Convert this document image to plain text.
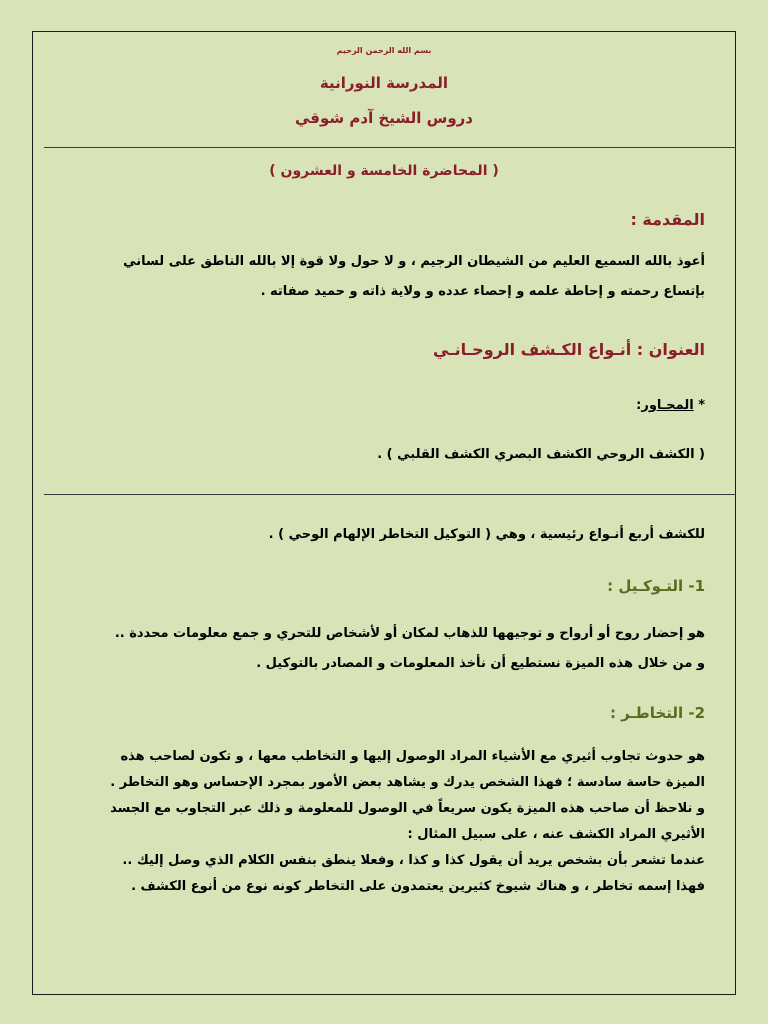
بسم الله الرحمن الرحيم
المدرسة النورانية
دروس الشيخ آدم شوقي
( المحاضرة الخامسة و العشرون )
المقدمة :
أعوذ بالله السميع العليم من الشيطان الرجيم ، و لا حول ولا قوة إلا بالله الناطق على لساني
بإتساع رحمته و إحاطة علمه و إحصاء عدده و ولاية ذاته و حميد صفاته .
العنوان : أنـواع الكـشف الروحـانـي
* المحـاور:
( الكشف الروحي الكشف البصري الكشف القلبي ) .
للكشف أربع أنـواع رئيسية ، وهي ( التوكيل التخاطر الإلهام الوحي ) .
1- التـوكـيل :
هو إحضار روح أو أرواح و توجيهها للذهاب لمكان أو لأشخاص للتحري و جمع معلومات محددة ..
و من خلال هذه الميزة نستطيع أن نأخذ المعلومات و المصادر بالتوكيل .
2- التخاطـر :
هو حدوث تجاوب أثيري مع الأشياء المراد الوصول إليها و التخاطب معها ، و تكون لصاحب هذه
الميزة حاسة سادسة ؛ فهذا الشخص يدرك و يشاهد بعض الأمور بمجرد الإحساس وهو التخاطر .
و نلاحظ أن صاحب هذه الميزة يكون سريعاً في الوصول للمعلومة و ذلك عبر التجاوب مع الجسد
الأثيري المراد الكشف عنه ، على سبيل المثال :
عندما تشعر بأن بشخص يريد أن يقول كذا و كذا ، وفعلا ينطق بنفس الكلام الذي وصل إليك ..
فهذا إسمه تخاطر ، و هناك شيوخ كثيرين يعتمدون على التخاطر كونه نوع من أنوع الكشف .
